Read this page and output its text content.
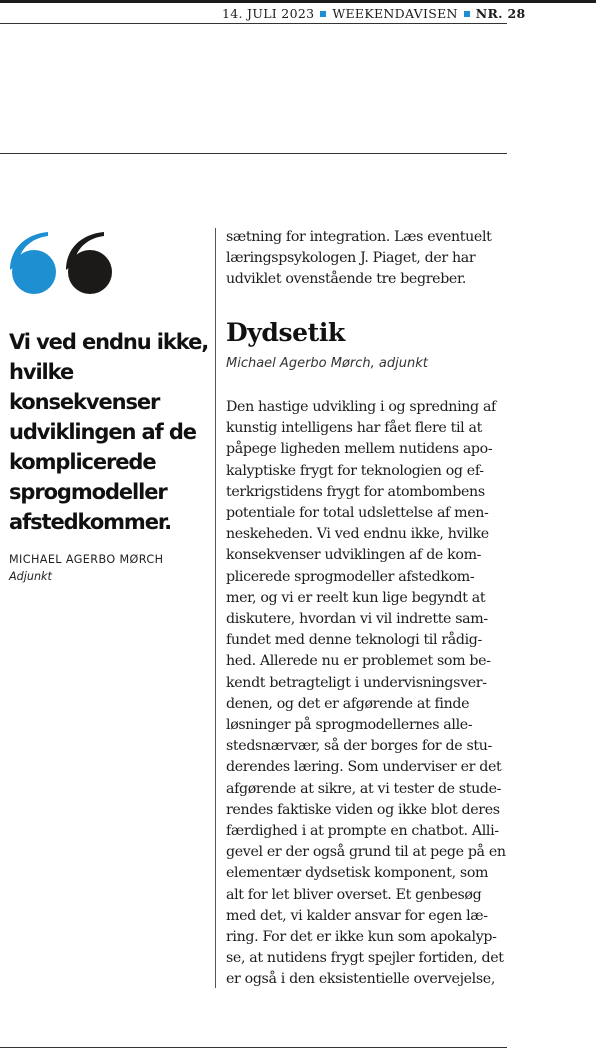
14. JULI 2023 WEEKENDAVISEN NR. 28

Vi ved endnu ikke, hvilke konsekvenser udviklingen af de komplicerede sprogmodeller afstedkommer.

MICHAEL AGERBO MØRCH
Adjunkt
sætning for integration. Læs eventuelt
læringspsykologen J. Piaget, der har
udviklet ovenstående tre begreber.
Dydsetik
Michael Agerbo Mørch, adjunkt
Den hastige udvikling i og spredning af
kunstig intelligens har fået flere til at
påpege ligheden mellem nutidens apo-
kalyptiske frygt for teknologien og ef-
terkrigstidens frygt for atombombens
potentiale for total udslettelse af men-
neskeheden. Vi ved endnu ikke, hvilke
konsekvenser udviklingen af de kom-
plicerede sprogmodeller afstedkom-
mer, og vi er reelt kun lige begyndt at
diskutere, hvordan vi vil indrette sam-
fundet med denne teknologi til rådig-
hed. Allerede nu er problemet som be-
kendt betragteligt i undervisningsver-
denen, og det er afgørende at finde
løsninger på sprogmodellernes alle-
stedsnærvær, så der borges for de stu-
derendes læring. Som underviser er det
afgørende at sikre, at vi tester de stude-
rendes faktiske viden og ikke blot deres
færdighed i at prompte en chatbot. Alli-
gevel er der også grund til at pege på en
elementær dydsetisk komponent, som
alt for let bliver overset. Et genbesøg
med det, vi kalder ansvar for egen læ-
ring. For det er ikke kun som apokalyp-
se, at nutidens frygt spejler fortiden, det
er også i den eksistentielle overvejelse,
